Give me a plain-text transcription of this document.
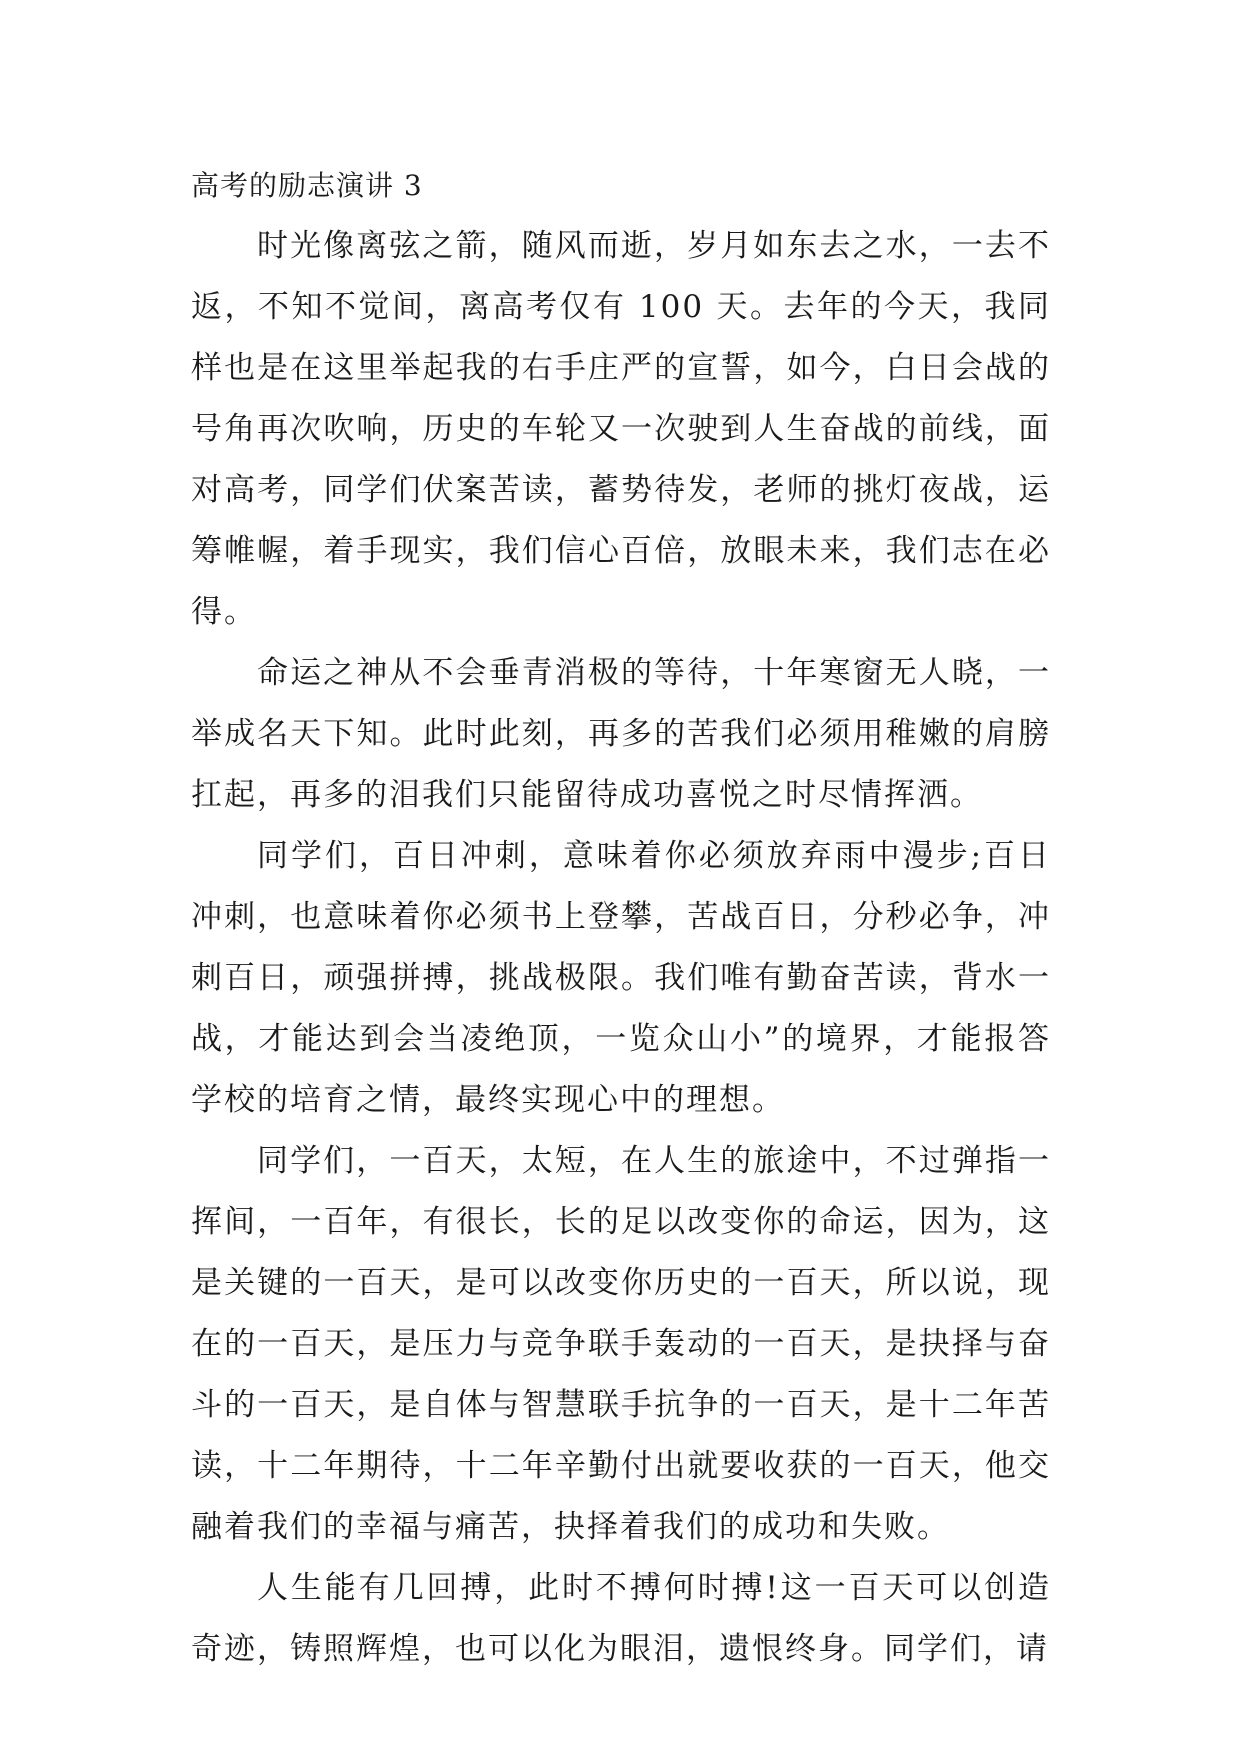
高考的励志演讲 3

时光像离弦之箭，随风而逝，岁月如东去之水，一去不返，不知不觉间，离高考仅有 100 天。去年的今天，我同样也是在这里举起我的右手庄严的宣誓，如今，白日会战的号角再次吹响，历史的车轮又一次驶到人生奋战的前线，面对高考，同学们伏案苦读，蓄势待发，老师的挑灯夜战，运筹帷幄，着手现实，我们信心百倍，放眼未来，我们志在必得。

命运之神从不会垂青消极的等待，十年寒窗无人晓，一举成名天下知。此时此刻，再多的苦我们必须用稚嫩的肩膀扛起，再多的泪我们只能留待成功喜悦之时尽情挥洒。

同学们，百日冲刺，意味着你必须放弃雨中漫步;百日冲刺，也意味着你必须书上登攀，苦战百日，分秒必争，冲刺百日，顽强拼搏，挑战极限。我们唯有勤奋苦读，背水一战，才能达到会当凌绝顶，一览众山小”的境界，才能报答学校的培育之情，最终实现心中的理想。

同学们，一百天，太短，在人生的旅途中，不过弹指一挥间，一百年，有很长，长的足以改变你的命运，因为，这是关键的一百天，是可以改变你历史的一百天，所以说，现在的一百天，是压力与竞争联手轰动的一百天，是抉择与奋斗的一百天，是自体与智慧联手抗争的一百天，是十二年苦读，十二年期待，十二年辛勤付出就要收获的一百天，他交融着我们的幸福与痛苦，抉择着我们的成功和失败。

人生能有几回搏，此时不搏何时搏!这一百天可以创造奇迹，铸照辉煌，也可以化为眼泪，遗恨终身。同学们，请
